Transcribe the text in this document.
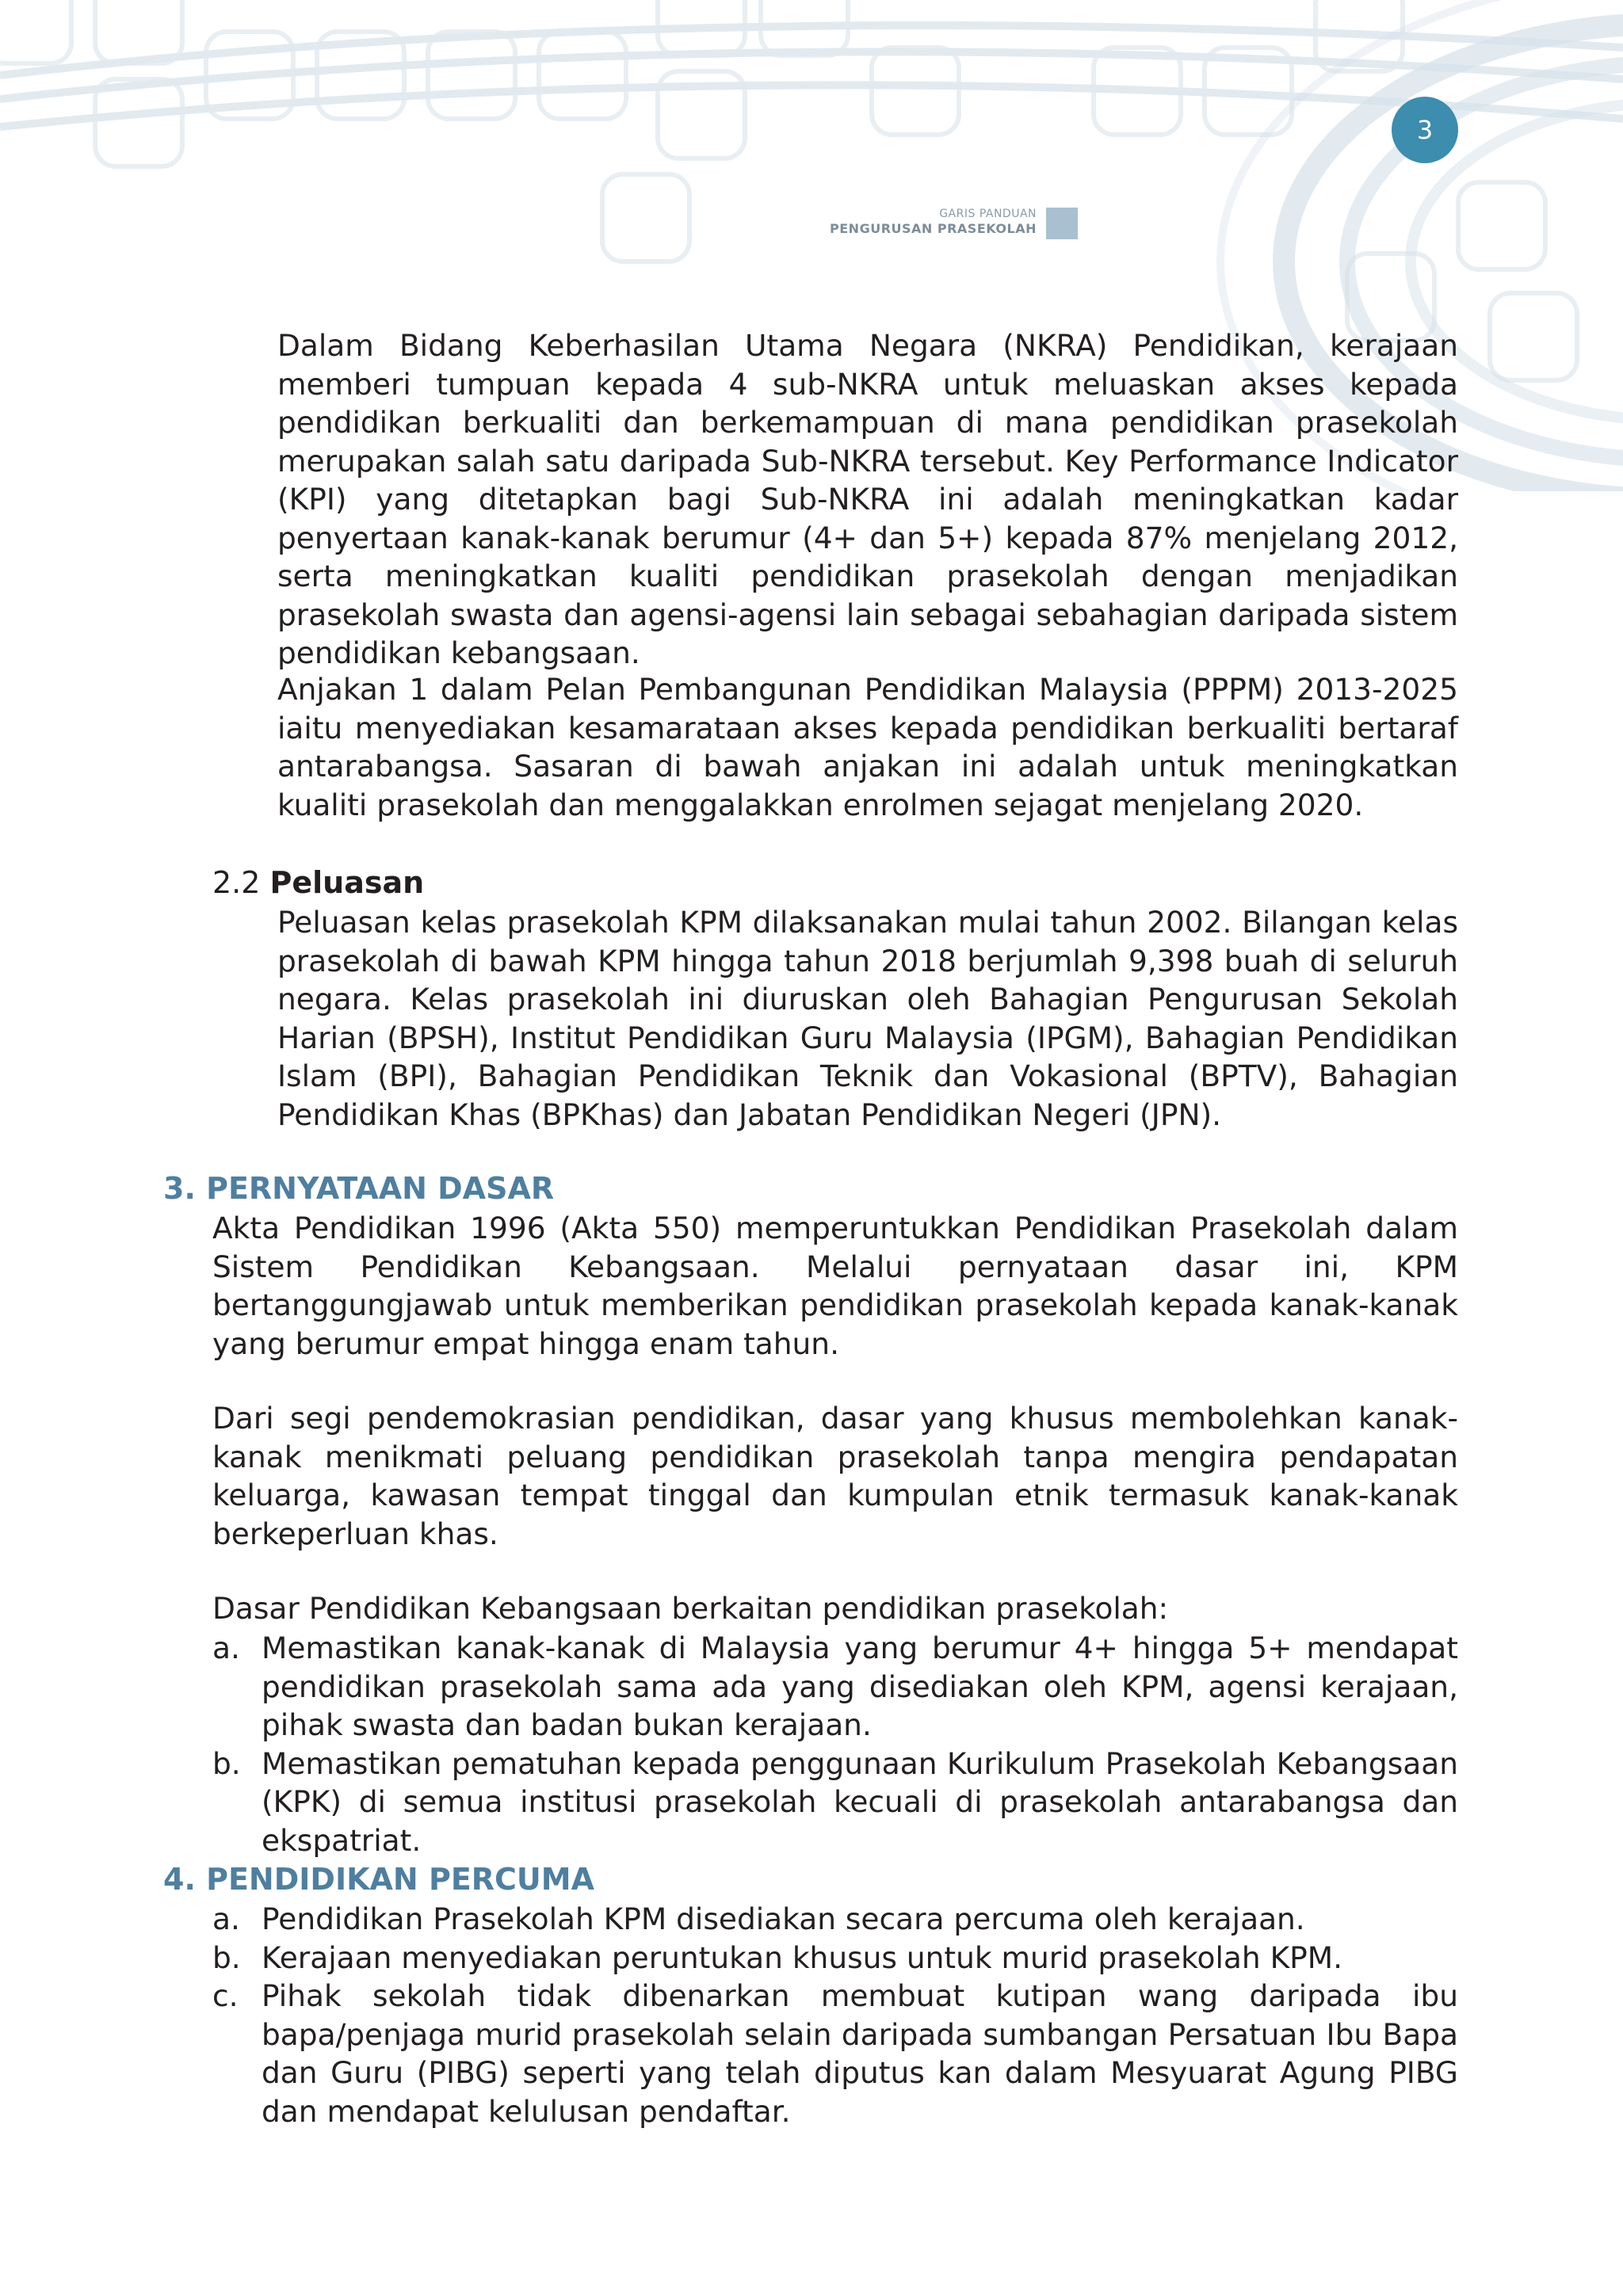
3
GARIS PANDUAN
PENGURUSAN PRASEKOLAH

Dalam Bidang Keberhasilan Utama Negara (NKRA) Pendidikan, kerajaan memberi tumpuan kepada 4 sub-NKRA untuk meluaskan akses kepada pendidikan berkualiti dan berkemampuan di mana pendidikan prasekolah merupakan salah satu daripada Sub-NKRA tersebut. Key Performance Indicator (KPI) yang ditetapkan bagi Sub-NKRA ini adalah meningkatkan kadar penyertaan kanak-kanak berumur (4+ dan 5+) kepada 87% menjelang 2012, serta meningkatkan kualiti pendidikan prasekolah dengan menjadikan prasekolah swasta dan agensi-agensi lain sebagai sebahagian daripada sistem pendidikan kebangsaan.

Anjakan 1 dalam Pelan Pembangunan Pendidikan Malaysia (PPPM) 2013-2025 iaitu menyediakan kesamarataan akses kepada pendidikan berkualiti bertaraf antarabangsa. Sasaran di bawah anjakan ini adalah untuk meningkatkan kualiti prasekolah dan menggalakkan enrolmen sejagat menjelang 2020.

2.2 Peluasan

Peluasan kelas prasekolah KPM dilaksanakan mulai tahun 2002. Bilangan kelas prasekolah di bawah KPM hingga tahun 2018 berjumlah 9,398 buah di seluruh negara. Kelas prasekolah ini diuruskan oleh Bahagian Pengurusan Sekolah Harian (BPSH), Institut Pendidikan Guru Malaysia (IPGM), Bahagian Pendidikan Islam (BPI), Bahagian Pendidikan Teknik dan Vokasional (BPTV), Bahagian Pendidikan Khas (BPKhas) dan Jabatan Pendidikan Negeri (JPN).

3. PERNYATAAN DASAR

Akta Pendidikan 1996 (Akta 550) memperuntukkan Pendidikan Prasekolah dalam Sistem Pendidikan Kebangsaan. Melalui pernyataan dasar ini, KPM bertanggungjawab untuk memberikan pendidikan prasekolah kepada kanak-kanak yang berumur empat hingga enam tahun.

Dari segi pendemokrasian pendidikan, dasar yang khusus membolehkan kanak-kanak menikmati peluang pendidikan prasekolah tanpa mengira pendapatan keluarga, kawasan tempat tinggal dan kumpulan etnik termasuk kanak-kanak berkeperluan khas.

Dasar Pendidikan Kebangsaan berkaitan pendidikan prasekolah:

a. Memastikan kanak-kanak di Malaysia yang berumur 4+ hingga 5+ mendapat pendidikan prasekolah sama ada yang disediakan oleh KPM, agensi kerajaan, pihak swasta dan badan bukan kerajaan.
b. Memastikan pematuhan kepada penggunaan Kurikulum Prasekolah Kebangsaan (KPK) di semua institusi prasekolah kecuali di prasekolah antarabangsa dan ekspatriat.
4. PENDIDIKAN PERCUMA
a. Pendidikan Prasekolah KPM disediakan secara percuma oleh kerajaan.
b. Kerajaan menyediakan peruntukan khusus untuk murid prasekolah KPM.
c. Pihak sekolah tidak dibenarkan membuat kutipan wang daripada ibu bapa/penjaga murid prasekolah selain daripada sumbangan Persatuan Ibu Bapa dan Guru (PIBG) seperti yang telah diputus kan dalam Mesyuarat Agung PIBG dan mendapat kelulusan pendaftar.
